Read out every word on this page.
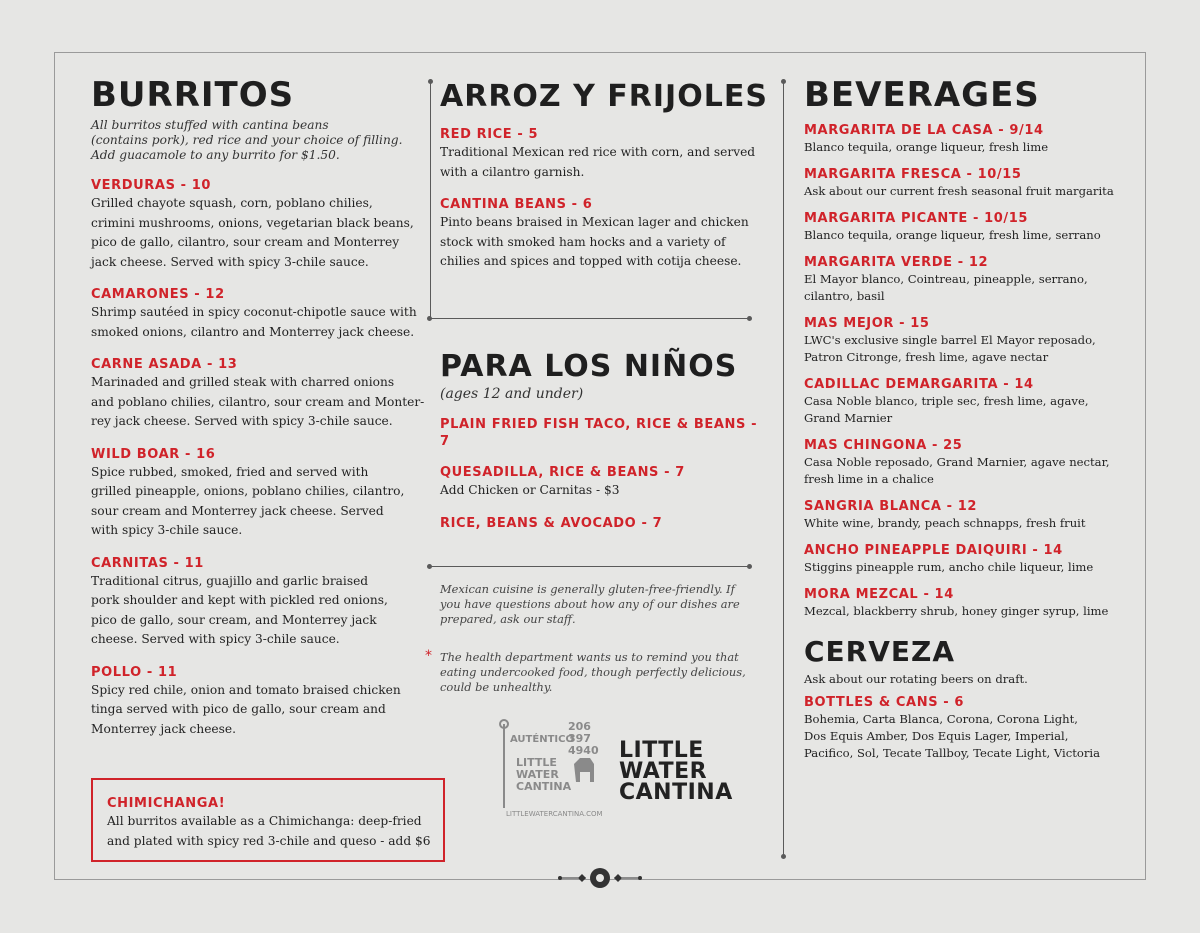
BURRITOS
All burritos stuffed with cantina beans
(contains pork), red rice and your choice of filling.
Add guacamole to any burrito for $1.50.
VERDURAS - 10
Grilled chayote squash, corn, poblano chilies,
crimini mushrooms, onions, vegetarian black beans,
pico de gallo, cilantro, sour cream and Monterrey
jack cheese. Served with spicy 3-chile sauce.
CAMARONES - 12
Shrimp sautéed in spicy coconut-chipotle sauce with
smoked onions, cilantro and Monterrey jack cheese.
CARNE ASADA - 13
Marinaded and grilled steak with charred onions
and poblano chilies, cilantro, sour cream and Monter-
rey jack cheese. Served with spicy 3-chile sauce.
WILD BOAR - 16
Spice rubbed, smoked, fried and served with
grilled pineapple, onions, poblano chilies, cilantro,
sour cream and Monterrey jack cheese. Served
with spicy 3-chile sauce.
CARNITAS - 11
Traditional citrus, guajillo and garlic braised
pork shoulder and kept with pickled red onions,
pico de gallo, sour cream, and Monterrey jack
cheese. Served with spicy 3-chile sauce.
POLLO - 11
Spicy red chile, onion and tomato braised chicken
tinga served with pico de gallo, sour cream and
Monterrey jack cheese.
CHIMICHANGA!
All burritos available as a Chimichanga: deep-fried
and plated with spicy red 3-chile and queso - add $6
ARROZ Y FRIJOLES
RED RICE - 5
Traditional Mexican red rice with corn, and served
with a cilantro garnish.
CANTINA BEANS - 6
Pinto beans braised in Mexican lager and chicken
stock with smoked ham hocks and a variety of
chilies and spices and topped with cotija cheese.
PARA LOS NIÑOS
(ages 12 and under)
PLAIN FRIED FISH TACO, RICE & BEANS - 7
QUESADILLA, RICE & BEANS - 7
Add Chicken or Carnitas - $3
RICE, BEANS & AVOCADO - 7
Mexican cuisine is generally gluten-free-friendly. If
you have questions about how any of our dishes are
prepared, ask our staff.
* The health department wants us to remind you that
eating undercooked food, though perfectly delicious,
could be unhealthy.
AUTÉNTICO
206
397
4940
LITTLE
WATER
CANTINA
LITTLEWATERCANTINA.COM
LITTLE
WATER
CANTINA
BEVERAGES
MARGARITA DE LA CASA - 9/14
Blanco tequila, orange liqueur, fresh lime
MARGARITA FRESCA - 10/15
Ask about our current fresh seasonal fruit margarita
MARGARITA PICANTE - 10/15
Blanco tequila, orange liqueur, fresh lime, serrano
MARGARITA VERDE - 12
El Mayor blanco, Cointreau, pineapple, serrano,
cilantro, basil
MAS MEJOR - 15
LWC's exclusive single barrel El Mayor reposado,
Patron Citronge, fresh lime, agave nectar
CADILLAC DEMARGARITA - 14
Casa Noble blanco, triple sec, fresh lime, agave,
Grand Marnier
MAS CHINGONA - 25
Casa Noble reposado, Grand Marnier, agave nectar,
fresh lime in a chalice
SANGRIA BLANCA - 12
White wine, brandy, peach schnapps, fresh fruit
ANCHO PINEAPPLE DAIQUIRI - 14
Stiggins pineapple rum, ancho chile liqueur, lime
MORA MEZCAL - 14
Mezcal, blackberry shrub, honey ginger syrup, lime
CERVEZA
Ask about our rotating beers on draft.
BOTTLES & CANS - 6
Bohemia, Carta Blanca, Corona, Corona Light,
Dos Equis Amber, Dos Equis Lager, Imperial,
Pacifico, Sol, Tecate Tallboy, Tecate Light, Victoria
